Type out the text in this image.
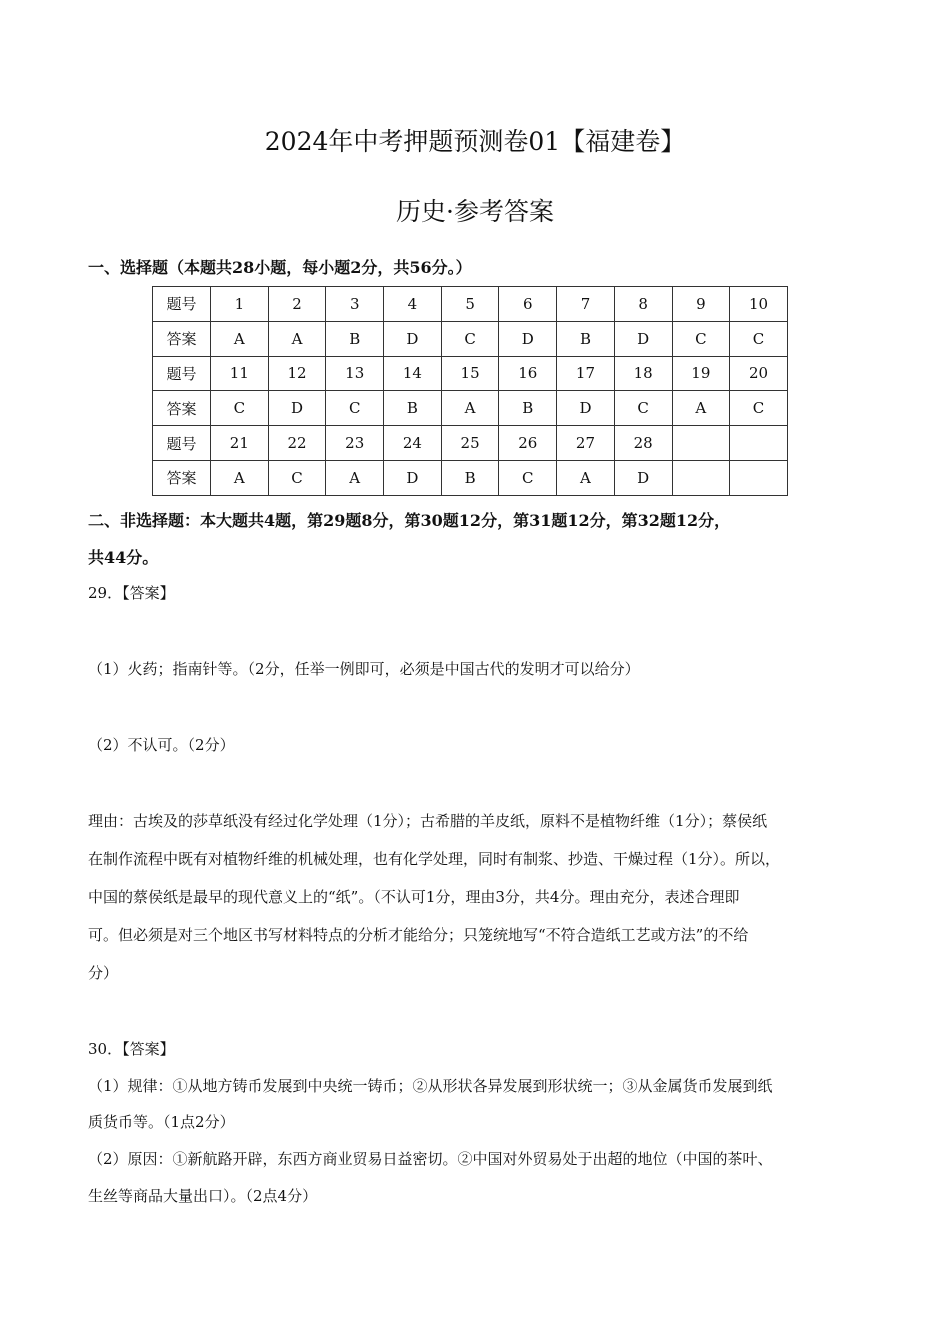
2024年中考押题预测卷01【福建卷】
历史·参考答案
一、选择题（本题共28小题，每小题2分，共56分。）
题号	1	2	3	4	5	6	7	8	9	10
答案	A	A	B	D	C	D	B	D	C	C
题号	11	12	13	14	15	16	17	18	19	20
答案	C	D	C	B	A	B	D	C	A	C
题号	21	22	23	24	25	26	27	28		
答案	A	C	A	D	B	C	A	D		
二、非选择题：本大题共4题，第29题8分，第30题12分，第31题12分，第32题12分，
共44分。
29．【答案】
（1）火药；指南针等。（2分，任举一例即可，必须是中国古代的发明才可以给分）
（2）不认可。（2分）
理由：古埃及的莎草纸没有经过化学处理（1分）；古希腊的羊皮纸，原料不是植物纤维（1分）；蔡侯纸
在制作流程中既有对植物纤维的机械处理，也有化学处理，同时有制浆、抄造、干燥过程（1分）。所以，
中国的蔡侯纸是最早的现代意义上的“纸”。（不认可1分，理由3分，共4分。理由充分，表述合理即
可。但必须是对三个地区书写材料特点的分析才能给分；只笼统地写“不符合造纸工艺或方法”的不给
分）
30．【答案】
（1）规律：①从地方铸币发展到中央统一铸币；②从形状各异发展到形状统一；③从金属货币发展到纸
质货币等。（1点2分）
（2）原因：①新航路开辟，东西方商业贸易日益密切。②中国对外贸易处于出超的地位（中国的茶叶、
生丝等商品大量出口）。（2点4分）
